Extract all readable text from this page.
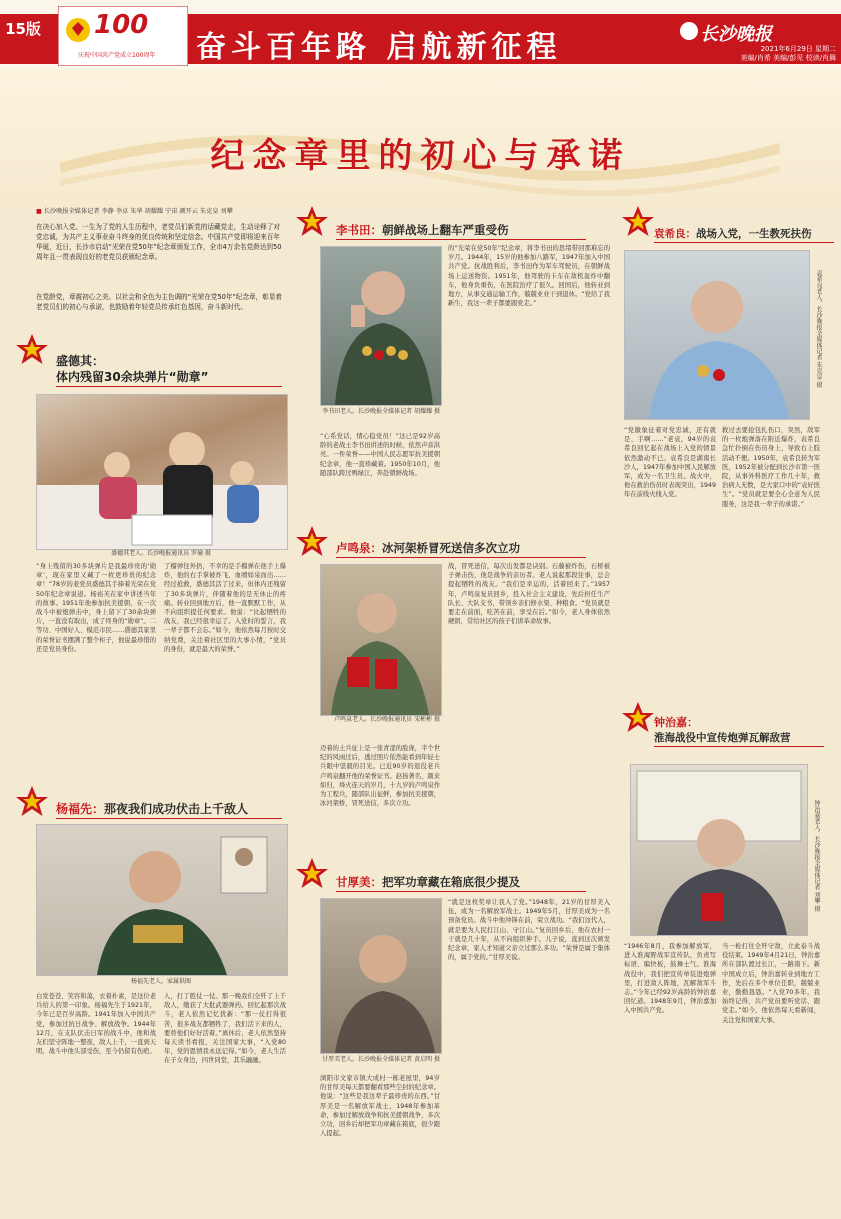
15版 100
庆祝中国共产党成立100周年 奋斗百年路 启航新征程	长沙晚报
2021年6月29日 星期二
美编/肖希 美编/彭见 校读/肖舞
纪念章里的初心与承诺
■ 长沙晚报全媒体记者 李静 李卓 朱华 胡耀耀 宁宙 颜开云 朱克皇 刘攀
在决心加入党、一生为了党的人生历程中，老党员们新党的话藏党走，生动诠释了对党忠诚，为共产主义事业奋斗终身的优良传统和坚定信念。中国共产党即将迎来百年华诞，近日，长沙市启动“光荣在党50年”纪念章颁发工作，全市4万余名党龄达到50周年且一贯表现良好的老党员获颁纪念章。
在党龄党，章震初心之美。以社会和全色为主色调的“光荣在党50年”纪念章，彰显着老党员们的初心与承诺，也鼓励着年轻党员传承红色基因，奋斗新时代。
盛德其：
体内残留30余块弹片“勋章”
盛德其老人。长沙晚报通讯员 罗瑜 摄
“身上残留的30多块弹片是我最珍贵的‘勋章’，现在家里又藏了一枚更珍贵的纪念章！”78岁的老党员盛德其手捧着光荣在党50年纪念章说道。杨裕芙在家中讲述当年的故事。1951年他参加抗美援朝，在一次战斗中被炮弹击中，身上留下了30余块弹片，一直没有取出，成了终身的“勋章”。二等功、中国好人、模范市民……盛德其家里的荣誉证书摆满了整个柜子，他说最珍惜的还是党员身份。
了榴弹往外扔，不幸的是手榴弹在他手上爆炸，他的右手掌被炸飞，血喷如泉而出……经过抢救，盛德其活了过来，但体内还残留了30多块弹片，伴随着他的是无休止的疼痛。转业回到地方后，他一直默默工作，从不向组织提任何要求。他说：“比起牺牲的战友，我已经很幸运了。入党时的誓言，我一辈子都不会忘。”如今，他依然每月按时交纳党费，关注着社区里的大事小情，“党员的身份，就是最大的荣誉。”
杨福先：那夜我们成功伏击上千敌人
杨福先老人。家属供图
白发苍苍、笑容和蔼，衣着朴素，是这位老兵给人的第一印象。杨福先生于1921年，今年已是百岁高龄。1941年加入中国共产党，参加过抗日战争、解放战争。1944年12月，在支队伏击日军的战斗中，他和战友们坚守阵地一整夜，敌人上千，一直到天明。战斗中他头部受伤，至今仍留有伤疤。
人，打了胜仗一仗。那一晚我们全歼了上千敌人，缴获了大批武器弹药。回忆起那次战斗，老人依然记忆犹新：“那一仗打得很苦，很多战友都牺牲了，我们活下来的人，要替他们好好活着。”离休后，老人依然坚持每天读书看报，关注国家大事，“入党80年，党的恩情我永远记得。”如今，老人生活在子女身边，四世同堂，其乐融融。
李书田：朝鲜战场上翻车严重受伤
李书田老人。长沙晚报全媒体记者 胡耀耀 摄
“心系党话，情心稳党员！”这已是92岁高龄的老战士李书田讲述的时候，依然声音洪亮。一件荣誉——中国人民志愿军抗美援朝纪念章，他一直珍藏着。1950年10月，他随部队跨过鸭绿江，奔赴朝鲜战场。
的“光荣在党50年”纪念章，将李书田的思绪带回那难忘的岁月。1944年，15岁的他参加八路军，1947年加入中国共产党。抗战胜利后，李书田作为军车驾驶员，在朝鲜战场上运送物资。1951年，他驾驶的卡车在敌机轰炸中翻车，他身负重伤，在医院治疗了很久。回国后，他转业到地方，从事交通运输工作，兢兢业业干到退休。“党给了我新生，我这一辈子都要跟党走。”
卢鸣泉：冰河架桥冒死送信多次立功
卢鸣泉老人。长沙晚报通讯员 宋彬彬 摄
迈着的土兵征上是一张青涩的脸庞，半个世纪的风雨过后，透过照片依然能看到年轻士兵眼中坚毅的目光。已近90岁的退役老兵卢鸣泉翻开他的荣誉证书。赵扬著名，颜来如归，烽火连天的岁月，十九岁的卢鸣泉作为工程兵，随部队出征鲜，参加抗美援朝，冰河架桥，冒死送信，多次立功。
战，冒死送信，每次出发都是诀别。石藤被炸伤，石桥被子弹击伤，他是战争的亲历者。老人说起那段往事，总会提起牺牲的战友。“我们是幸运的，活着回来了。”1957年，卢鸣泉复员回乡，投入社会主义建设，先后担任生产队长、大队支书，带领乡亲们修水渠、种粮食。“党员就是要走在前面，吃苦在前，享受在后。”如今，老人身体依然硬朗，常给社区的孩子们讲革命故事。
甘厚美：把军功章藏在箱底很少提及
甘厚美老人。长沙晚报全媒体记者 黄启明 摄
浏阳市文家市镇大成村一栋老屋里，94岁的甘厚美每天都要翻看那些尘封的纪念章。他说：“这些是我这辈子最珍贵的东西。”甘厚美是一名解放军战士，1948年参加革命，参加过解放战争和抗美援朝战争，多次立功，回乡后却把军功章藏在箱底，很少跟人提起。
“就是这枚奖章让我入了党。”1948年，21岁的甘厚美入伍，成为一名解放军战士。1949年5月，甘厚美成为一名预备党员。战斗中他冲锋在前，荣立战功。“我们这代人，就是要为人民打江山、守江山。”复员回乡后，他在农村一干就是几十年，从不向组织伸手。儿子说，直到这次颁发纪念章，家人才知道父亲立过那么多功。“荣誉是属于集体的，属于党的。”甘厚美说。
袁希良：战场入党，一生教死扶伤
袁希良老人。长沙晚报全媒体记者 朱克皇 摄
“党徽象征着对党忠诚，还有就是、手啊……”老袁，94岁的袁希良回忆起在战场上入党的情景依然激动不已。袁希良是湖南长沙人，1947年参加中国人民解放军，成为一名卫生员。战火中，他在救治伤员时表现突出，1949年在前线火线入党。
救过去要抢包扎伤口，突然，敌军的一枚炮弹落在附近爆炸，袁希良急忙扑倒在伤员身上，导致右上肢活动不便。1950年，袁希良转为军医，1952年被分配到长沙市第一医院，从事外科医疗工作几十年，救治病人无数，是大家口中的“袁好医生”。“党员就是要全心全意为人民服务，这是我一辈子的承诺。”
钟治嘉：
淮海战役中宣传炮弹瓦解敌营
钟治嘉老人。长沙晚报全媒体记者 刘攀 摄
“1946年8月，我参加解放军，进入淮海野战军宣传队，负责写标语、编快板，鼓舞士气。淮海战役中，我们把宣传单装进炮弹里，打进敌人阵地，瓦解敌军斗志。”今年已经92岁高龄的钟治嘉回忆道。1948年9月，钟治嘉加入中国共产党。
当一枪打住全歼守敌，立此泰斗战役结束。1949年4月21日，钟治嘉所在部队渡过长江，一路南下。新中国成立后，钟治嘉转业到地方工作，先后在多个单位任职，兢兢业业，勤勤恳恳。“入党70多年，我始终记得，共产党员要听党话、跟党走。”如今，他依然每天看新闻，关注党和国家大事。
